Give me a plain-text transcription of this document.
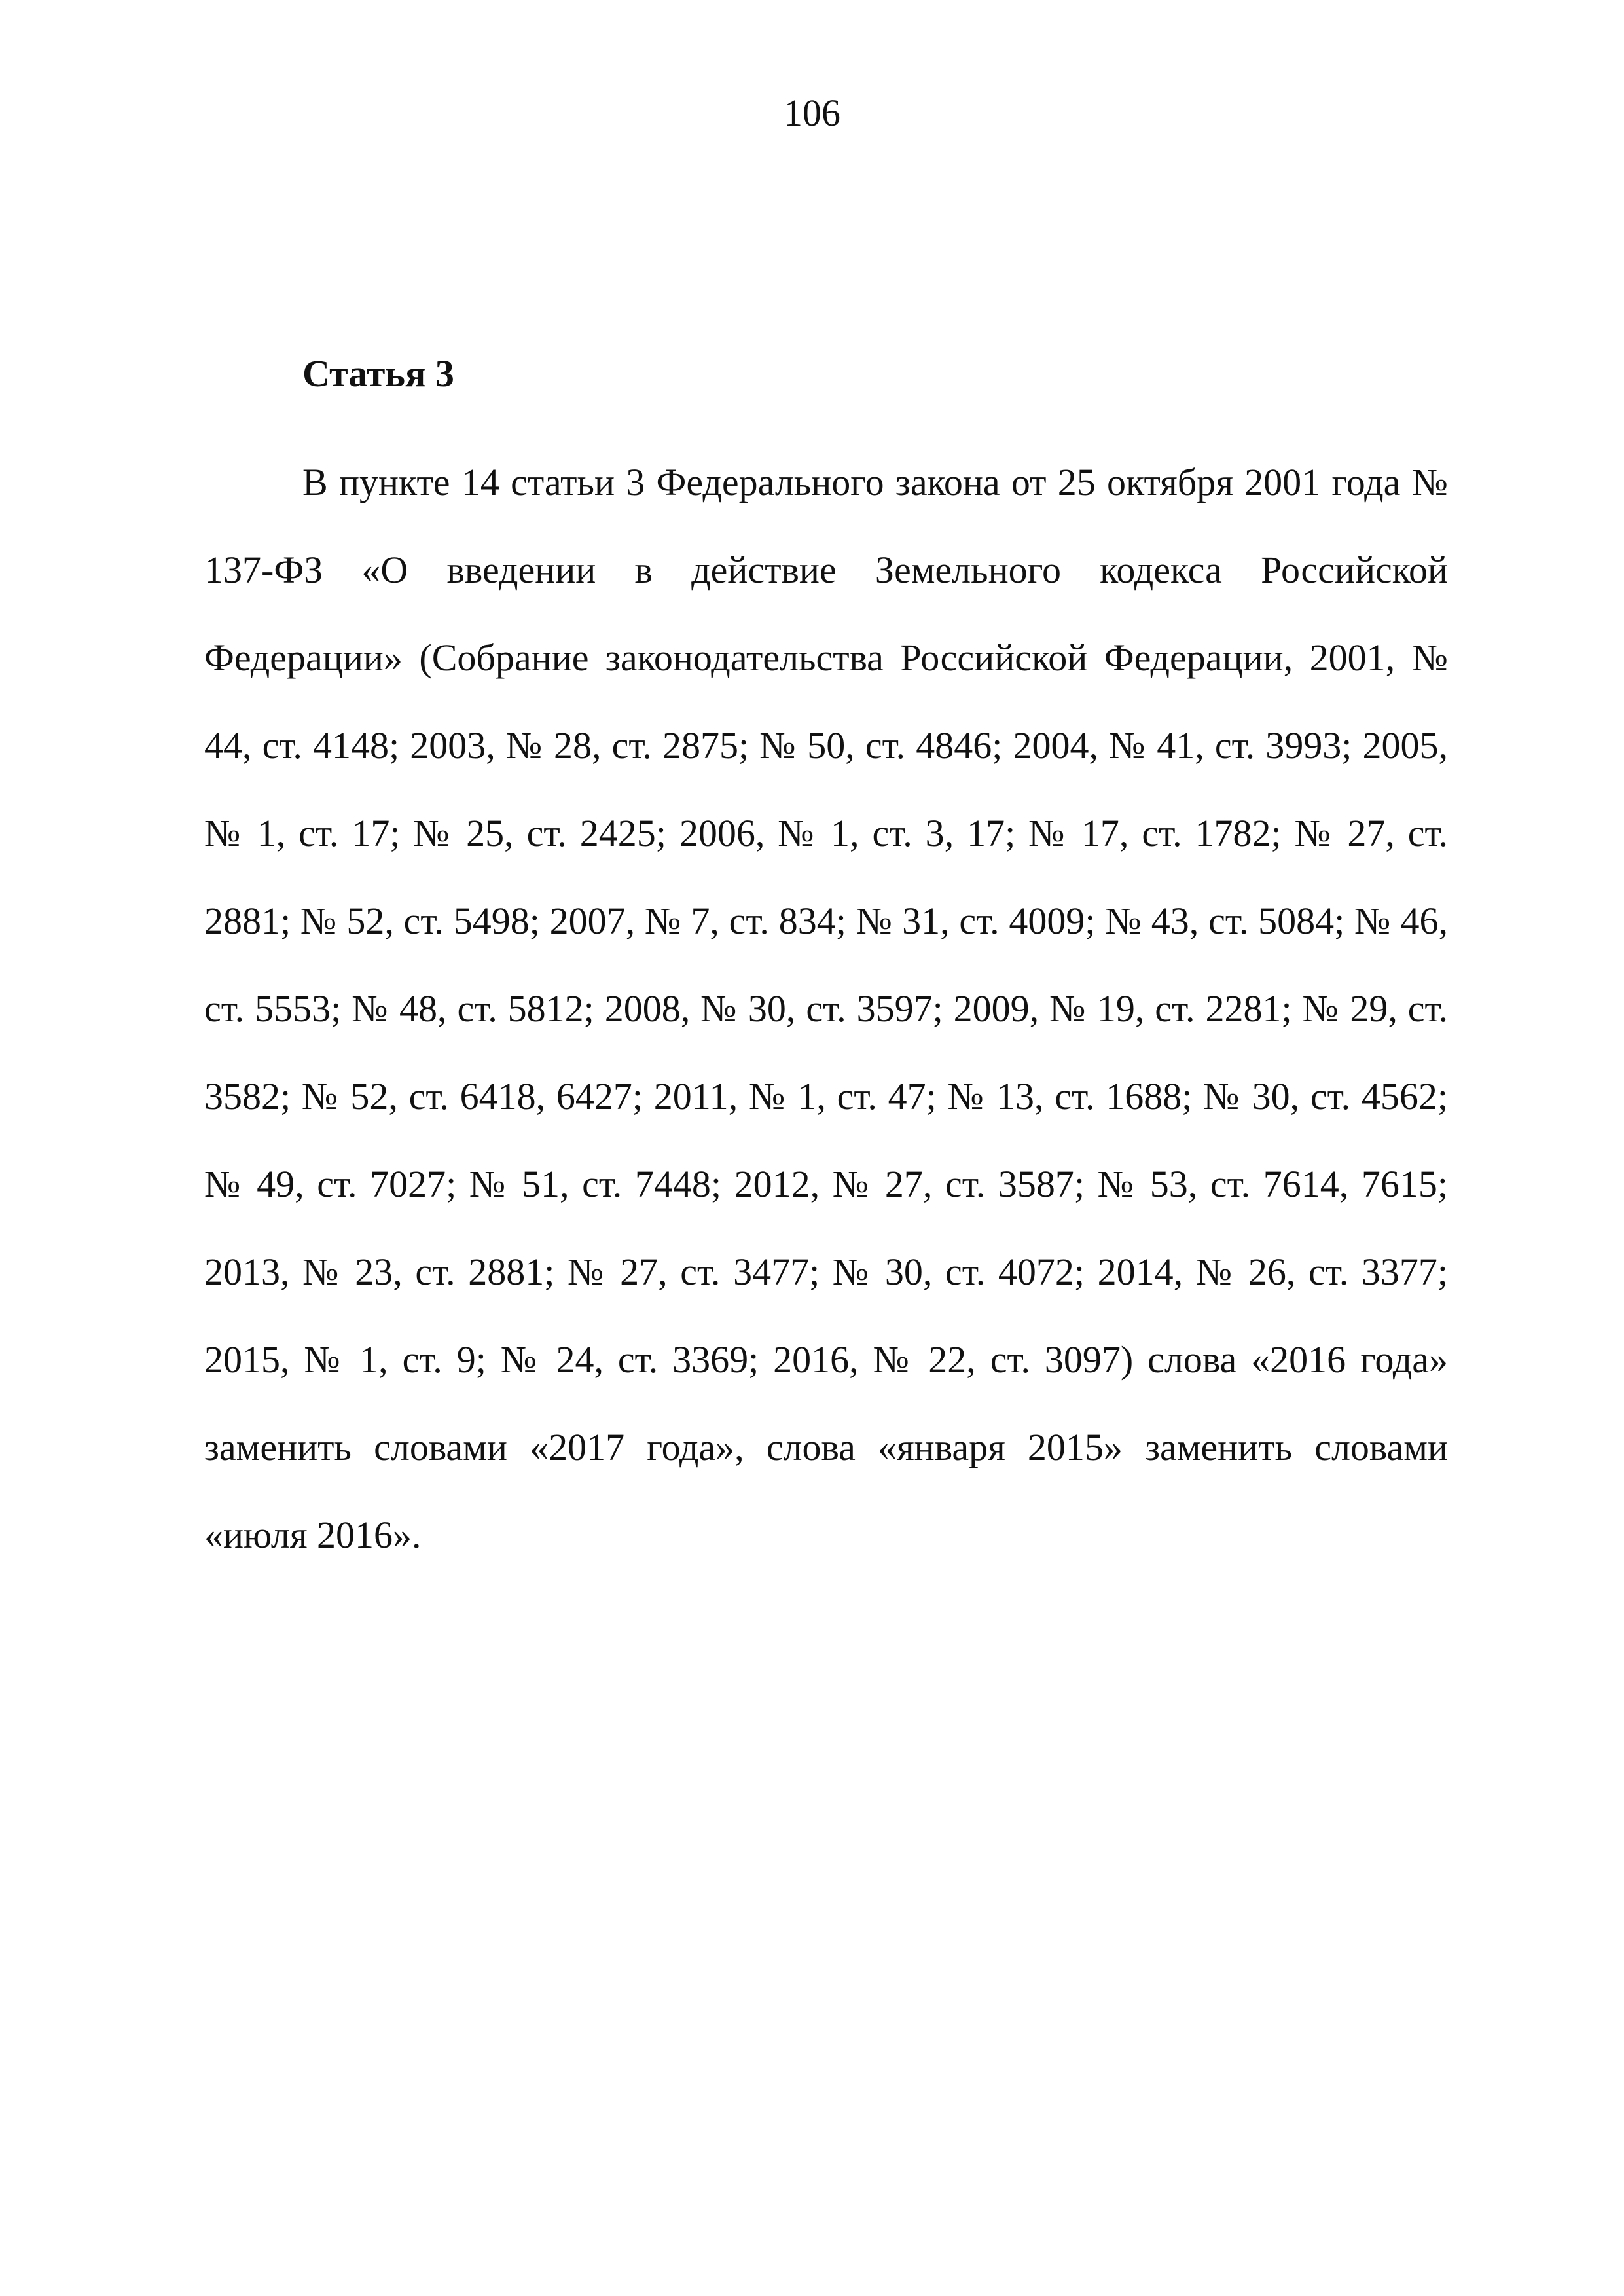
106
Статья 3

В пункте 14 статьи 3 Федерального закона от 25 октября 2001 года № 137-ФЗ «О введении в действие Земельного кодекса Российской Федерации» (Собрание законодательства Российской Федерации, 2001, № 44, ст. 4148; 2003, № 28, ст. 2875; № 50, ст. 4846; 2004, № 41, ст. 3993; 2005, № 1, ст. 17; № 25, ст. 2425; 2006, № 1, ст. 3, 17; № 17, ст. 1782; № 27, ст. 2881; № 52, ст. 5498; 2007, № 7, ст. 834; № 31, ст. 4009; № 43, ст. 5084; № 46, ст. 5553; № 48, ст. 5812; 2008, № 30, ст. 3597; 2009, № 19, ст. 2281; № 29, ст. 3582; № 52, ст. 6418, 6427; 2011, № 1, ст. 47; № 13, ст. 1688; № 30, ст. 4562; № 49, ст. 7027; № 51, ст. 7448; 2012, № 27, ст. 3587; № 53, ст. 7614, 7615; 2013, № 23, ст. 2881; № 27, ст. 3477; № 30, ст. 4072; 2014, № 26, ст. 3377; 2015, № 1, ст. 9; № 24, ст. 3369; 2016, № 22, ст. 3097) слова «2016 года» заменить словами «2017 года», слова «января 2015» заменить словами «июля 2016».
